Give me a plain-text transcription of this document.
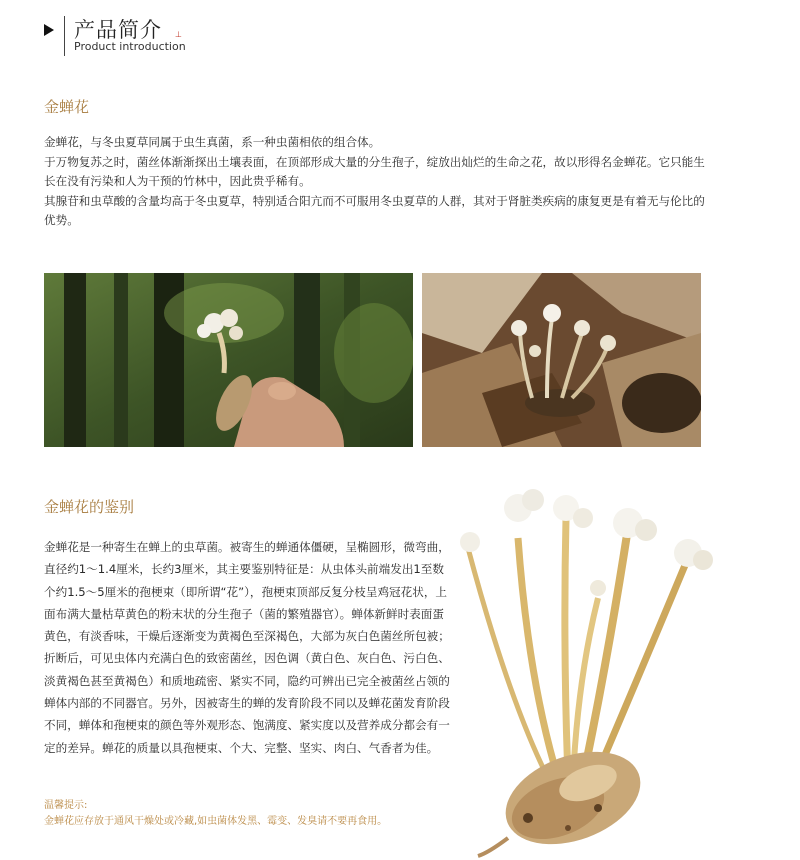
产品简介
Product introduction
⊥
金蝉花

金蝉花，与冬虫夏草同属于虫生真菌，系一种虫菌相依的组合体。

于万物复苏之时，菌丝体渐渐探出土壤表面，在顶部形成大量的分生孢子，绽放出灿烂的生命之花，故以形得名金蝉花。它只能生长在没有污染和人为干预的竹林中，因此贵乎稀有。

其腺苷和虫草酸的含量均高于冬虫夏草，特别适合阳亢而不可服用冬虫夏草的人群，其对于肾脏类疾病的康复更是有着无与伦比的优势。

金蝉花的鉴别
金蝉花是一种寄生在蝉上的虫草菌。被寄生的蝉通体僵硬，呈椭圆形，微弯曲，直径约1～1.4厘米，长约3厘米，其主要鉴别特征是：从虫体头前端发出1至数个约1.5～5厘米的孢梗束（即所谓“花”），孢梗束顶部反复分枝呈鸡冠花状，上面布满大量枯草黄色的粉末状的分生孢子（菌的繁殖器官）。蝉体新鲜时表面蛋黄色，有淡香味，干燥后逐渐变为黄褐色至深褐色，大部为灰白色菌丝所包被；折断后，可见虫体内充满白色的致密菌丝，因色调（黄白色、灰白色、污白色、淡黄褐色甚至黄褐色）和质地疏密、紧实不同，隐约可辨出已完全被菌丝占领的蝉体内部的不同器官。另外，因被寄生的蝉的发育阶段不同以及蝉花菌发育阶段不同，蝉体和孢梗束的颜色等外观形态、饱满度、紧实度以及营养成分都会有一定的差异。蝉花的质量以具孢梗束、个大、完整、坚实、肉白、气香者为佳。
温馨提示:
金蝉花应存放于通风干燥处或冷藏,如虫菌体发黑、霉变、发臭请不要再食用。
